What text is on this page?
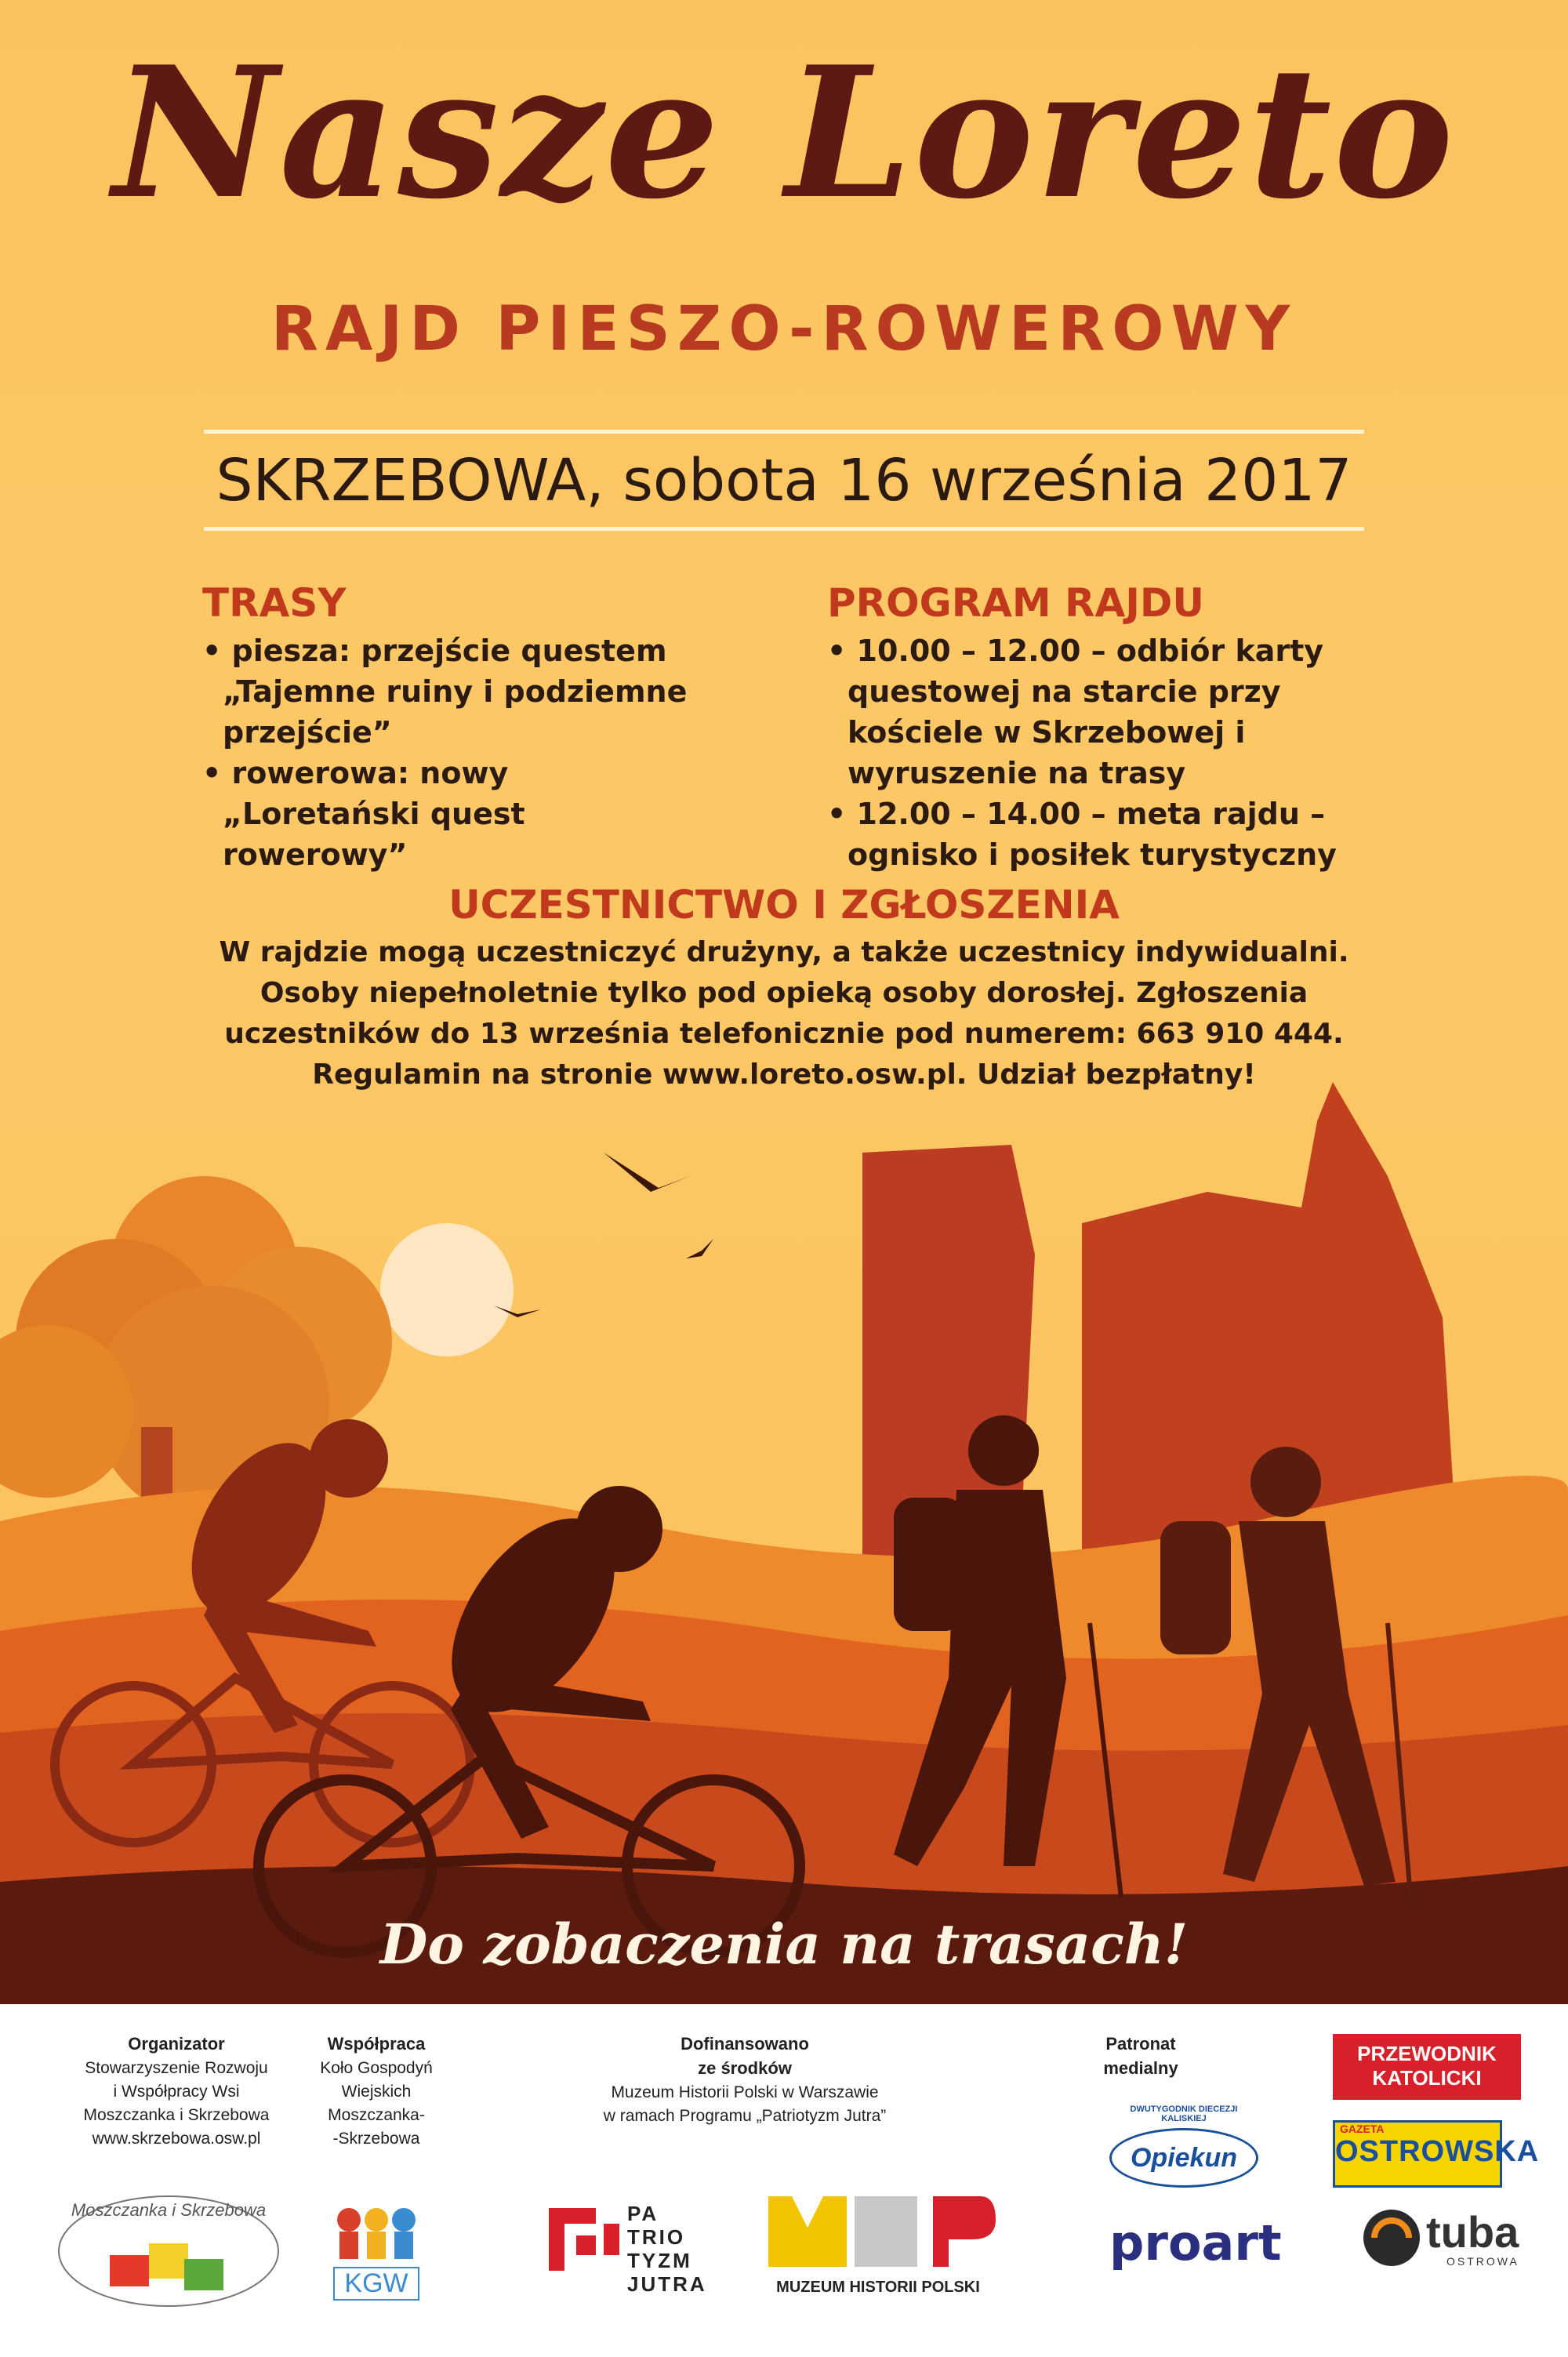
Nasze Loreto
RAJD PIESZO-ROWEROWY
SKRZEBOWA, sobota 16 września 2017
TRASY
• piesza: przejście questem „Tajemne ruiny i podziemne przejście”
• rowerowa: nowy „Loretański quest rowerowy”
PROGRAM RAJDU
• 10.00 – 12.00 – odbiór karty questowej na starcie przy kościele w Skrzebowej i wyruszenie na trasy
• 12.00 – 14.00 – meta rajdu – ognisko i posiłek turystyczny
UCZESTNICTWO I ZGŁOSZENIA

W rajdzie mogą uczestniczyć drużyny, a także uczestnicy indywidualni.

Osoby niepełnoletnie tylko pod opieką osoby dorosłej. Zgłoszenia

uczestników do 13 września telefonicznie pod numerem: 663 910 444.

Regulamin na stronie www.loreto.osw.pl. Udział bezpłatny!

Do zobaczenia na trasach!
Organizator
Stowarzyszenie Rozwoju
i Współpracy Wsi
Moszczanka i Skrzebowa
www.skrzebowa.osw.pl
Moszczanka i Skrzebowa
Współpraca
Koło Gospodyń
Wiejskich
Moszczanka-
-Skrzebowa
KGW
Dofinansowano
ze środków
Muzeum Historii Polski w Warszawie
w ramach Programu „Patriotyzm Jutra”
PA TRIO TYZM JUTRA	MUZEUM HISTORII POLSKI
Patronat
medialny
DWUTYGODNIK DIECEZJI KALISKIEJ
Opiekun
PRZEWODNIK
KATOLICKI
GAZETA
OSTROWSKA
proart	tuba
OSTROWA
